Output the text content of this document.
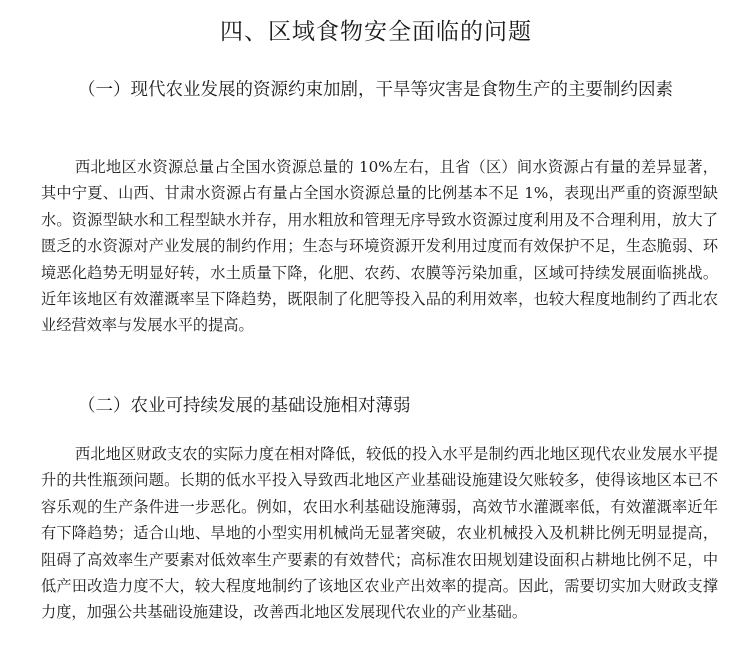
四、区域食物安全面临的问题
（一）现代农业发展的资源约束加剧，干旱等灾害是食物生产的主要制约因素
西北地区水资源总量占全国水资源总量的 10%左右，且省（区）间水资源占有量的差异显著，其中宁夏、山西、甘肃水资源占有量占全国水资源总量的比例基本不足 1%，表现出严重的资源型缺水。资源型缺水和工程型缺水并存，用水粗放和管理无序导致水资源过度利用及不合理利用，放大了匮乏的水资源对产业发展的制约作用；生态与环境资源开发利用过度而有效保护不足，生态脆弱、环境恶化趋势无明显好转，水土质量下降，化肥、农药、农膜等污染加重，区域可持续发展面临挑战。近年该地区有效灌溉率呈下降趋势，既限制了化肥等投入品的利用效率，也较大程度地制约了西北农业经营效率与发展水平的提高。
（二）农业可持续发展的基础设施相对薄弱
西北地区财政支农的实际力度在相对降低，较低的投入水平是制约西北地区现代农业发展水平提升的共性瓶颈问题。长期的低水平投入导致西北地区产业基础设施建设欠账较多，使得该地区本已不容乐观的生产条件进一步恶化。例如，农田水利基础设施薄弱，高效节水灌溉率低，有效灌溉率近年有下降趋势；适合山地、旱地的小型实用机械尚无显著突破，农业机械投入及机耕比例无明显提高，阻碍了高效率生产要素对低效率生产要素的有效替代；高标准农田规划建设面积占耕地比例不足，中低产田改造力度不大，较大程度地制约了该地区农业产出效率的提高。因此，需要切实加大财政支撑力度，加强公共基础设施建设，改善西北地区发展现代农业的产业基础。
